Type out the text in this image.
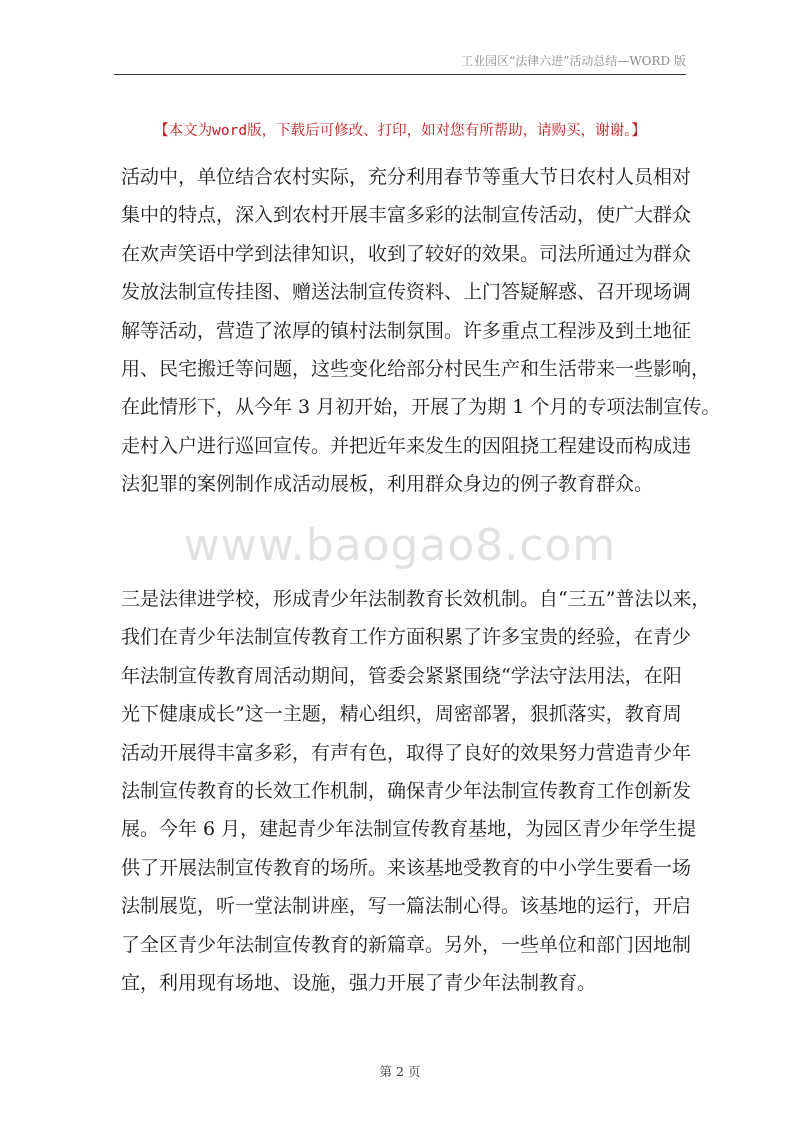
工业园区“法律六进”活动总结—WORD 版
【本文为word版，下载后可修改、打印，如对您有所帮助，请购买，谢谢。】
活动中，单位结合农村实际，充分利用春节等重大节日农村人员相对
集中的特点，深入到农村开展丰富多彩的法制宣传活动，使广大群众
在欢声笑语中学到法律知识，收到了较好的效果。司法所通过为群众
发放法制宣传挂图、赠送法制宣传资料、上门答疑解惑、召开现场调
解等活动，营造了浓厚的镇村法制氛围。许多重点工程涉及到土地征
用、民宅搬迁等问题，这些变化给部分村民生产和生活带来一些影响，
在此情形下，从今年 3 月初开始，开展了为期 1 个月的专项法制宣传。
走村入户进行巡回宣传。并把近年来发生的因阻挠工程建设而构成违
法犯罪的案例制作成活动展板，利用群众身边的例子教育群众。
www.baogao8.com
三是法律进学校，形成青少年法制教育长效机制。自“三五”普法以来，
我们在青少年法制宣传教育工作方面积累了许多宝贵的经验，在青少
年法制宣传教育周活动期间，管委会紧紧围绕“学法守法用法，在阳
光下健康成长”这一主题，精心组织，周密部署，狠抓落实，教育周
活动开展得丰富多彩，有声有色，取得了良好的效果努力营造青少年
法制宣传教育的长效工作机制，确保青少年法制宣传教育工作创新发
展。今年 6 月，建起青少年法制宣传教育基地，为园区青少年学生提
供了开展法制宣传教育的场所。来该基地受教育的中小学生要看一场
法制展览，听一堂法制讲座，写一篇法制心得。该基地的运行，开启
了全区青少年法制宣传教育的新篇章。另外，一些单位和部门因地制
宜，利用现有场地、设施，强力开展了青少年法制教育。
第 2 页
